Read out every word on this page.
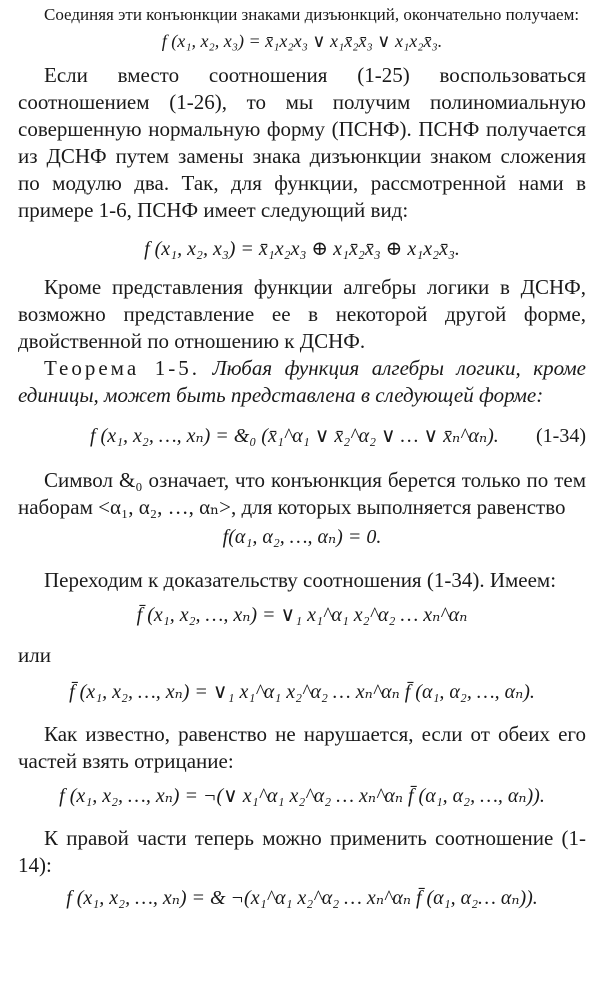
Соединяя эти конъюнкции знаками дизъюнкций, окончательно получаем:

f (x₁, x₂, x₃) = x̄₁x₂x₃ ∨ x₁x̄₂x̄₃ ∨ x₁x₂x̄₃.

Если вместо соотношения (1-25) воспользоваться соотношением (1-26), то мы получим полиномиальную совершенную нормальную форму (ПСНФ). ПСНФ получается из ДСНФ путем замены знака дизъюнкции знаком сложения по модулю два. Так, для функции, рассмотренной нами в примере 1-6, ПСНФ имеет следующий вид:

f (x₁, x₂, x₃) = x̄₁x₂x₃ ⊕ x₁x̄₂x̄₃ ⊕ x₁x₂x̄₃.

Кроме представления функции алгебры логики в ДСНФ, возможно представление ее в некоторой другой форме, двойственной по отношению к ДСНФ.

Теорема 1-5. Любая функция алгебры логики, кроме единицы, может быть представлена в следующей форме:

f (x₁, x₂, …, xₙ) = &₀ (x̄₁^α₁ ∨ x̄₂^α₂ ∨ … ∨ x̄ₙ^αₙ). (1-34)

Символ &₀ означает, что конъюнкция берется только по тем наборам <α₁, α₂, …, αₙ>, для которых выполняется равенство

f(α₁, α₂, …, αₙ) = 0.

Переходим к доказательству соотношения (1-34). Имеем:

f̄ (x₁, x₂, …, xₙ) = ∨₁ x₁^α₁ x₂^α₂ … xₙ^αₙ

или

f̄ (x₁, x₂, …, xₙ) = ∨₁ x₁^α₁ x₂^α₂ … xₙ^αₙ f̄ (α₁, α₂, …, αₙ).

Как известно, равенство не нарушается, если от обеих его частей взять отрицание:

f (x₁, x₂, …, xₙ) = ¬(∨ x₁^α₁ x₂^α₂ … xₙ^αₙ f̄ (α₁, α₂, …, αₙ)).

К правой части теперь можно применить соотношение (1-14):

f (x₁, x₂, …, xₙ) = & ¬(x₁^α₁ x₂^α₂ … xₙ^αₙ f̄ (α₁, α₂… αₙ)).
